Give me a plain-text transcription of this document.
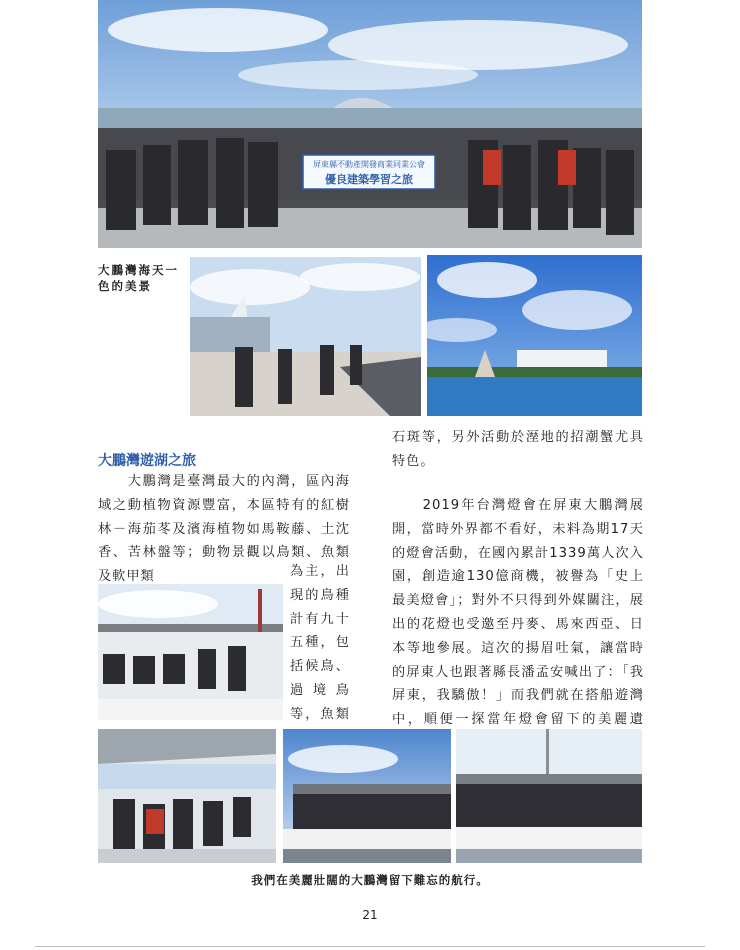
屏東縣不動產開發商業同業公會
優良建築學習之旅
大鵬灣海天一色的美景
大鵬灣遊湖之旅

　　大鵬灣是臺灣最大的內灣，區內海域之動植物資源豐富，本區特有的紅樹林－海茄苳及濱海植物如馬鞍藤、土沈香、苦林盤等；動物景觀以鳥類、魚類及軟甲類	為主，出現的鳥種計有九十五種，包括候鳥、過境鳥等，魚類

石斑等，另外活動於溼地的招潮蟹尤具特色。

　　2019年台灣燈會在屏東大鵬灣展開，當時外界都不看好，未料為期17天的燈會活動，在國內累計1339萬人次入園，創造逾130億商機，被譽為「史上最美燈會」；對外不只得到外媒關注，展出的花燈也受邀至丹麥、馬來西亞、日本等地參展。這次的揚眉吐氣，讓當時的屏東人也跟著縣長潘孟安喊出了：「我屏東，我驕傲！」而我們就在搭船遊灣中，順便一探當年燈會留下的美麗遺

我們在美麗壯闊的大鵬灣留下難忘的航行。
21
